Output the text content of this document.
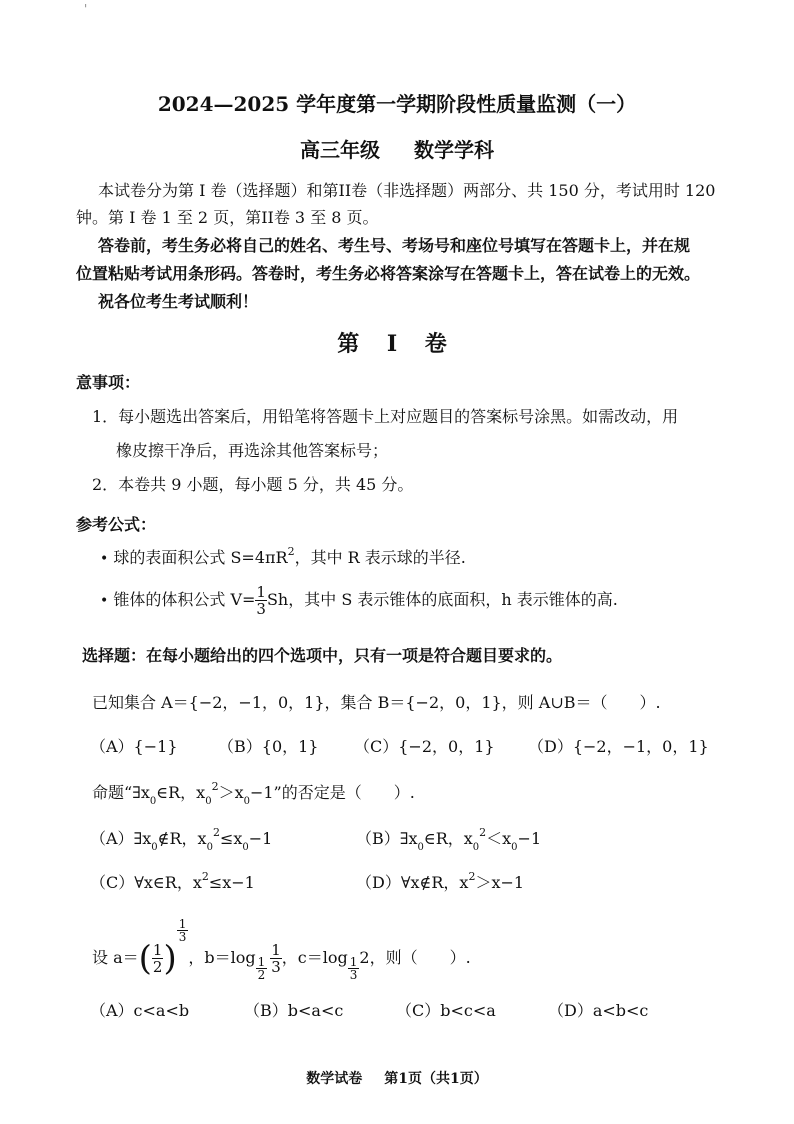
'
2024—2025 学年度第一学期阶段性质量监测（一）
高三年级 数学学科
本试卷分为第 I 卷（选择题）和第II卷（非选择题）两部分、共 150 分，考试用时 120
钟。第 I 卷 1 至 2 页，第II卷 3 至 8 页。
答卷前，考生务必将自己的姓名、考生号、考场号和座位号填写在答题卡上，并在规
位置粘贴考试用条形码。答卷时，考生务必将答案涂写在答题卡上，答在试卷上的无效。
祝各位考生考试顺利！
第 I 卷
意事项：
1．每小题选出答案后，用铅笔将答题卡上对应题目的答案标号涂黑。如需改动，用
橡皮擦干净后，再选涂其他答案标号；
2．本卷共 9 小题，每小题 5 分，共 45 分。
参考公式：
• 球的表面积公式 $S=4\pi R^2$，其中 R 表示球的半径.
• 锥体的体积公式 $V= \frac{1}{3}$ Sh，其中 S 表示锥体的底面积，h 表示锥体的高.
选择题：在每小题给出的四个选项中，只有一项是符合题目要求的。
已知集合 A＝{−2，−1，0，1}，集合 B＝{−2，0，1}，则 A∪B＝（　　）.
（A）{−1}	（B）{0，1} （C）{−2，0，1} （D）{−2，−1，0，1}
命题“$\exists x_0\in R$，$x_0^2>x_0-1$”的否定是（　　）.
$(A)\exists x_0\notin R$，$x_0^2\le x_0-1$	$(B)\exists x_0\in R$，$x_0^2<x_0-1$
（C）∀x∈R，$x^2\le x-1$	（D）∀x∉R，$x^2>x-1$
设 $a=( \frac{1}{2}$ )
$\frac{1}{3}$
，$b=\log \frac{1}{2} \frac{1}{3}$ ，$c=\log \frac{1}{3} 2$，则（　　）.
（A）c<a<b	（B）b<a<c	（C）b<c<a	（D）a<b<c
数学试卷 第1页（共1页）
